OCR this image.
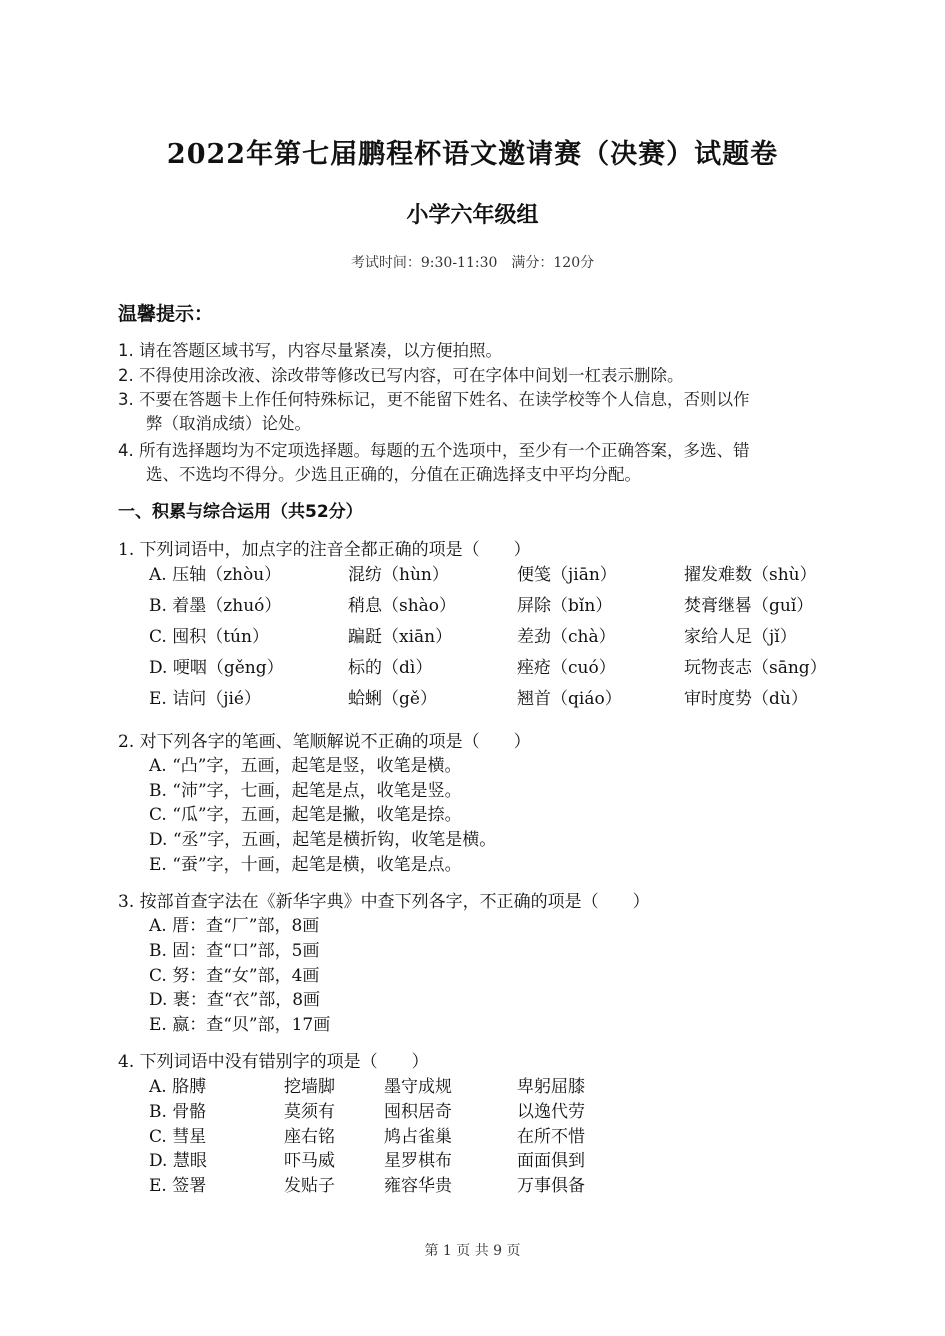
2022年第七届鹏程杯语文邀请赛（决赛）试题卷
小学六年级组
考试时间：9:30-11:30　满分：120分
温馨提示：
1. 请在答题区域书写，内容尽量紧凑，以方便拍照。
2. 不得使用涂改液、涂改带等修改已写内容，可在字体中间划一杠表示删除。
3. 不要在答题卡上作任何特殊标记，更不能留下姓名、在读学校等个人信息，否则以作
弊（取消成绩）论处。
4. 所有选择题均为不定项选择题。每题的五个选项中，至少有一个正确答案，多选、错
选、不选均不得分。少选且正确的，分值在正确选择支中平均分配。
一、积累与综合运用（共52分）
1. 下列词语中，加点字的注音全都正确的项是（　　）
A. 压轴（zhòu）	混纺（hùn）	便笺（jiān）	擢发难数（shù）
B. 着墨（zhuó）	稍息（shào）	屏除（bǐn）	焚膏继晷（guǐ）
C. 囤积（tún）	蹁跹（xiān）	差劲（chà）	家给人足（jǐ）
D. 哽咽（gěng）	标的（dì）	痤疮（cuó）	玩物丧志（sāng）
E. 诘问（jié）	蛤蜊（gě）	翘首（qiáo）	审时度势（dù）
2. 对下列各字的笔画、笔顺解说不正确的项是（　　）
A. “凸”字，五画，起笔是竖，收笔是横。
B. “沛”字，七画，起笔是点，收笔是竖。
C. “瓜”字，五画，起笔是撇，收笔是捺。
D. “丞”字，五画，起笔是横折钩，收笔是横。
E. “蚕”字，十画，起笔是横，收笔是点。
3. 按部首查字法在《新华字典》中查下列各字，不正确的项是（　　）
A. 厝：查“厂”部，8画
B. 固：查“口”部，5画
C. 努：查“女”部，4画
D. 裹：查“衣”部，8画
E. 嬴：查“贝”部，17画
4. 下列词语中没有错别字的项是（　　）
A. 胳膊	挖墙脚	墨守成规	卑躬屈膝
B. 骨骼	莫须有	囤积居奇	以逸代劳
C. 彗星	座右铭	鸠占雀巢	在所不惜
D. 慧眼	吓马威	星罗棋布	面面俱到
E. 签署	发贴子	雍容华贵	万事俱备
第 1 页 共 9 页
